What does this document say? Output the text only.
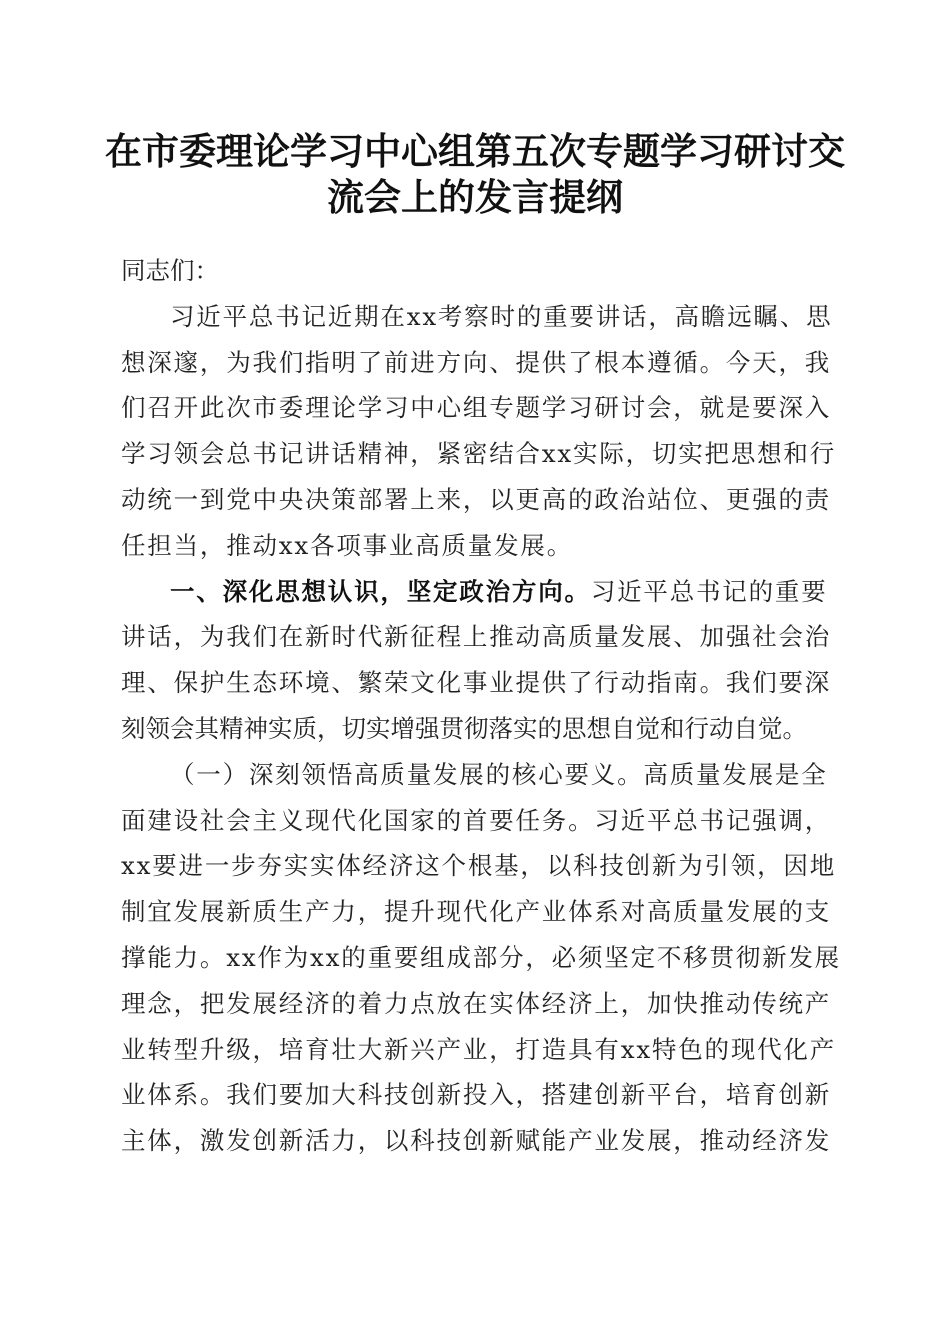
在市委理论学习中心组第五次专题学习研讨交
流会上的发言提纲
同志们：
习近平总书记近期在xx考察时的重要讲话，高瞻远瞩、思
想深邃，为我们指明了前进方向、提供了根本遵循。今天，我
们召开此次市委理论学习中心组专题学习研讨会，就是要深入
学习领会总书记讲话精神，紧密结合xx实际，切实把思想和行
动统一到党中央决策部署上来，以更高的政治站位、更强的责
任担当，推动xx各项事业高质量发展。
一、深化思想认识，坚定政治方向。习近平总书记的重要
讲话，为我们在新时代新征程上推动高质量发展、加强社会治
理、保护生态环境、繁荣文化事业提供了行动指南。我们要深
刻领会其精神实质，切实增强贯彻落实的思想自觉和行动自觉。
（一）深刻领悟高质量发展的核心要义。高质量发展是全
面建设社会主义现代化国家的首要任务。习近平总书记强调，
xx要进一步夯实实体经济这个根基，以科技创新为引领，因地
制宜发展新质生产力，提升现代化产业体系对高质量发展的支
撑能力。xx作为xx的重要组成部分，必须坚定不移贯彻新发展
理念，把发展经济的着力点放在实体经济上，加快推动传统产
业转型升级，培育壮大新兴产业，打造具有xx特色的现代化产
业体系。我们要加大科技创新投入，搭建创新平台，培育创新
主体，激发创新活力，以科技创新赋能产业发展，推动经济发
